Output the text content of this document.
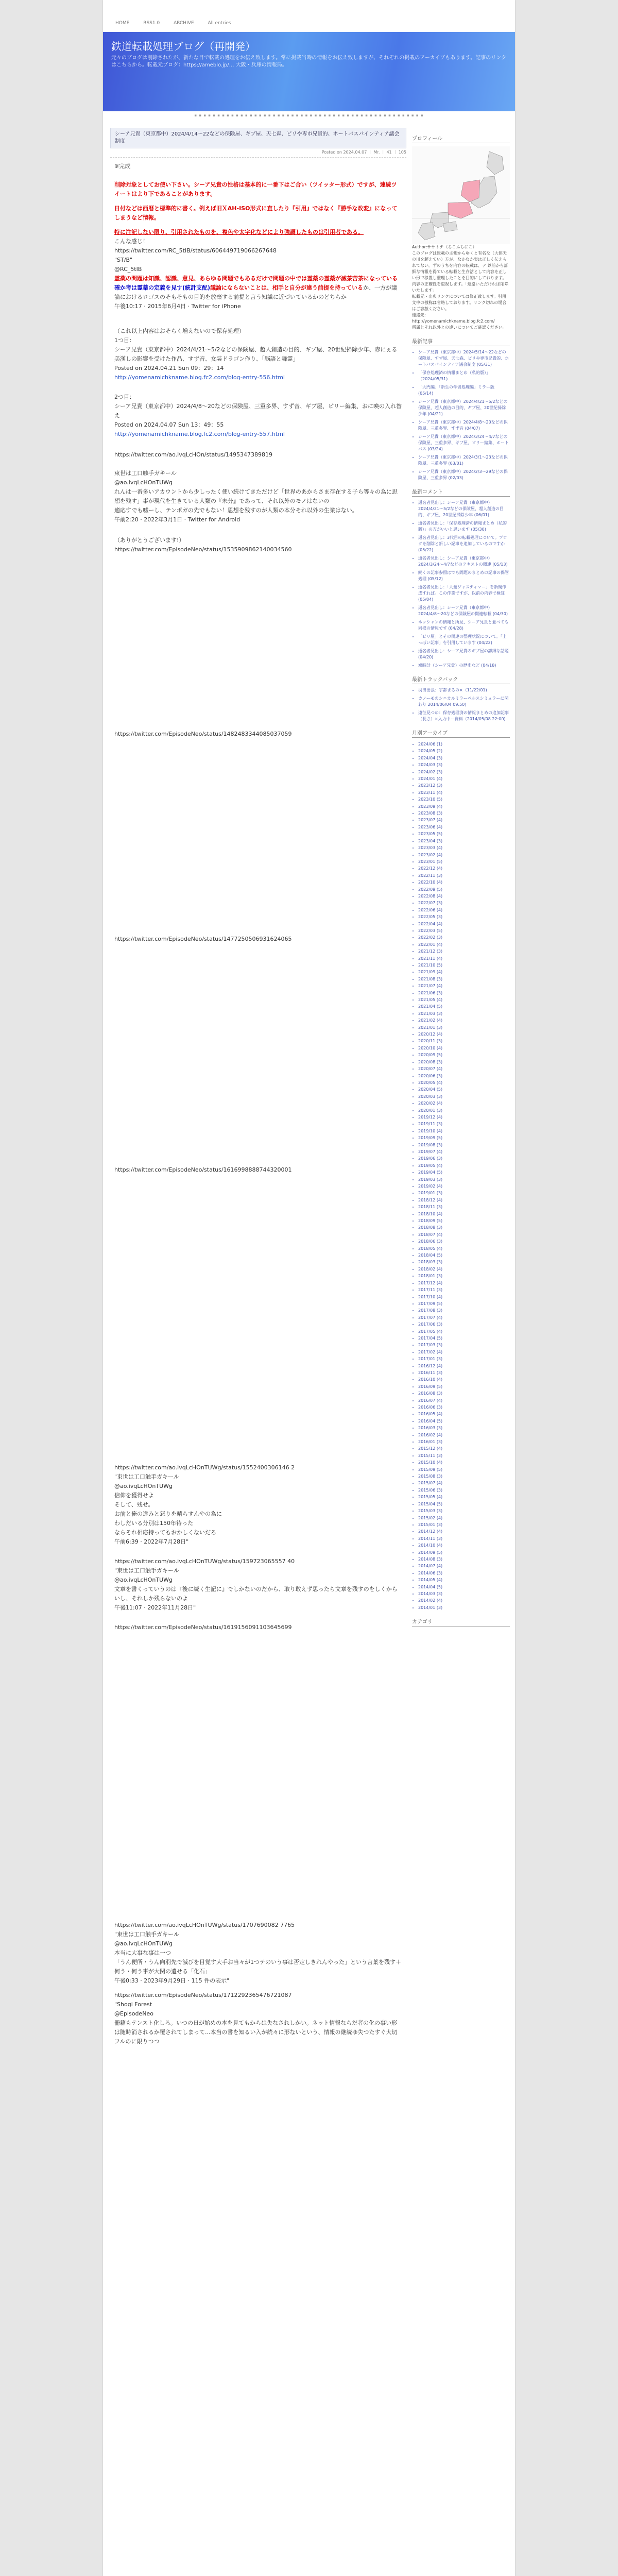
HOME	RSS1.0	ARCHIVE	All entries
鉄道転載処理ブログ（再開発）
元々のブログは削除されたが、新たな目で転載の処理をお伝え致します。常に掲載当時の情報をお伝え致しますが、それぞれの掲載のアーカイブもあります。記事のリンクはこちらから。転載元ブログ：https://ameblo.jp/… 大阪・兵庫の情報局。
▪ ▪ ▪ ▪ ▪ ▪ ▪ ▪ ▪ ▪ ▪ ▪ ▪ ▪ ▪ ▪ ▪ ▪ ▪ ▪ ▪ ▪ ▪ ▪ ▪ ▪ ▪ ▪ ▪ ▪ ▪ ▪ ▪ ▪ ▪ ▪ ▪ ▪ ▪ ▪ ▪ ▪ ▪ ▪ ▪ ▪ ▪ ▪ ▪ ▪
シーア兄貴（東京都中）2024/4/14〜22などの保険屋、ギブ屋、天七森、ピリや専市兄貴的、ホートバスパインティア議会制度
Posted on 2024.04.07 ｜ Mr. ｜ 41 ｜ 105
※完成
削除対象としてお使い下さい。シーア兄貴の性格は基本的に一番下はご合い（ツイッター形式）ですが、連続ツイートはより下であることがあります。
日付などは西暦と標準的に書く。例えば旧ＸAH-ISO形式に直したり『引用』ではなく『勝手な改変』になってしまうなど情報。
特に注記しない限り、引用されたものを、複色や太字化などにより強調したものは引用者である。
こんな感じ！
https://twitter.com/RC_5tIB/status/606449719066267648
"ST/B"
@RC_5tIB
霊薬の問題は知識、認識、意見、あらゆる問題でもあるだけで問題の中では霊薬の霊薬が滅茶苦茶になっている確か考は霊薬の定義を見す(統計支配)議論にならないことは、相手と自分が違う前提を持っているか、一方が議論におけるロゴスのそもそもの目的を放棄する前提と言う知識に近づいているかのどちらか
午後10:17 · 2015年6月4日 · Twitter for iPhone
（これ以上内容はおそらく増えないので保存処理）
1つ目：
シーア兄貴（東京都中）2024/4/21〜5/2などの保険屋、超人創造の目的、ギブ屋、20世紀掃除少年、赤にぇる美漢しの影響を受けた作品、すず音、女装ドラゴン作り、「脳語と舞霊」
Posted on 2024.04.21 Sun 09：29：14
http://yomenamichkname.blog.fc2.com/blog-entry-556.html
2つ目：
シーア兄貴（東京都中）2024/4/8〜20などの保険屋、三重多界、すず音、ギブ屋、ピリー編集、おに喚の入れ替え
Posted on 2024.04.07 Sun 13：49：55
http://yomenamichkname.blog.fc2.com/blog-entry-557.html
https://twitter.com/ao.ivqLcHOn/status/1495347389819
束世は工口触手ガキール
@ao.ivqLcHOnTUWg
れんは一番多いアカウントから少しったく使い続けてきただけど「世界のあからさま存在する子ら等々の為に思想を残す」事が現代を生きている人類の『未分』であって、それ以外のモノはないの
適応すでも嘘ーし、テンポガの先でもない！恩想を残すのが人類の本分それ以外の生業はない。
午前2:20 · 2022年3月1日 · Twitter for Android
（ありがとうございます!）
https://twitter.com/EpisodeNeo/status/1535909862140034560
https://twitter.com/EpisodeNeo/status/1482483344085037059
https://twitter.com/EpisodeNeo/status/1477250506931624065
https://twitter.com/EpisodeNeo/status/1616998888744320001
https://twitter.com/ao.ivqLcHOnTUWg/status/1552400306146 2
"束世は工口触手ガキール
@ao.ivqLcHOnTUWg
信仰を獲得せよ
そして、残せ。
お前と俺の違みと怒りを晴らすんやの為に
わしだいる分別は150年待った
ならそれ相応持ってもおかしくないだろ
午前6:39 · 2022年7月28日"
https://twitter.com/ao.ivqLcHOnTUWg/status/159723065557 40
"束世は工口触手ガキール
@ao.ivqLcHOnTUWg
文章を書くっていうのは『後に続く生記に』でしかないのだから、取り敢えず思ったら文章を残すのをしくからいし、それしか残らないのよ
午後11:07 · 2022年11月28日"
https://twitter.com/EpisodeNeo/status/1619156091103645699
https://twitter.com/ao.ivqLcHOnTUWg/status/1707690082 7765
"束世は工口触手ガキール
@ao.ivqLcHOnTUWg
本当に大事な事は一つ
「うん便所・うん向羽先で滅びを目覚す大手お当々が1つテのいう事は否定しきれんやった」という言葉を残す＋何う・何う事が大関の遺せる「化石」
午後0:33 · 2023年9月29日 · 115 件の表示"
https://twitter.com/EpisodeNeo/status/1712292365476721087
"Shogi Forest
@EpisodeNeo
冊籍もテンスト化しろ。いつの日が始めの本を見てもからは失なされしかい。ネット情報ならだ者の化の事い形は随時消されるか覆されてしまって...本当の書を知るい入が続々に形ないという、情報の継続ゆ失つたすぐ大切フルのに限りつつ
プロフィール
Author:ササトテ（ちこふちにこ）
このブログは転載の主側からゆくと有名な（大体天の川を超えてい）方が、なかなか実は正しく伝えられてない。ずのうちを内容の転載は、テ 以前から詳細な情報を得ている転載と生存活として内容を正しい形で移置し整理したことを目的にしております。内容の正確性を重視します。「連絡いただければ削除いたします」
転載元・出典リンクについては修正致します。引用文中の敬称は省略しております。リンク切れの場合はご容赦ください。
連絡先：http://yomenamichkname.blog.fc2.com/
所属とそれ以外との違いについてご確認ください。
最新記事
• シーア兄貴（東京都中）2024/5/14〜22などの保険屋、すず屋、天七森、ピリや専市兄貴的、ホートバスパインティア議会制度 (05/31)
• 「保存処理済の情報まとめ（私的版）」（2024/05/31)
• 「大門編」「新生の学習処理編」ミラー版 (05/14)
• シーア兄貴（東京都中）2024/4/21〜5/2などの保険屋、超人創造の目的、ギブ屋、20世紀掃除少年 (04/21)
• シーア兄貴（東京都中）2024/4/8〜20などの保険屋、三重多界、すず音 (04/07)
• シーア兄貴（東京都中）2024/3/24〜4/7などの保険屋、三重多界、ギブ屋、ピリー編集、ホートバス (03/24)
• シーア兄貴（東京都中）2024/3/1〜23などの保険屋、三重多界 (03/01)
• シーア兄貴（東京都中）2024/2/3〜29などの保険屋、三重多界 (02/03)
最新コメント
• 通名者見出し：シーア兄貴（東京都中）2024/4/21〜5/2などの保険屋、超人創造の目的、ギブ屋、20世紀掃除少年 (06/01)
• 通名者見出し：「保存処理済の情報まとめ（私的版）」の方がいいと思います (05/30)
• 通名者見出し：3代目の転載処理について。ブログを削除と新しい記事を追加しているのですか (05/22)
• 通名者見出し：シーア兄貴（東京都中）2024/3/24〜4/7などのテキストの関連 (05/13)
• 続くの記事参照はでも問題のまとめの記事の保管処理 (05/12)
• 通名者見出し：「大量ジャスティマー」を新規作成すれば。この作業ですが、以前の内容で検証 (05/04)
• 通名者見出し：シーア兄貴（東京都中）2024/4/8〜20などの保険屋の関連転載 (04/30)
• ホッシャンの情報と所見、シーア兄貴と並べても同様の情報です (04/28)
• 「ビリ屋」とその関連の整理状況について。「土っぽい記事」を引用しています (04/22)
• 通名者見出し：シーア兄貴のギブ屋の詳細な話題 (04/20)
• 鳩時計（シーア兄貴）の歴史など (04/18)
最新トラックバック
• 羽田出張：宇都まるの×（11/22/01)
• カノーモのシニカルミラーペルスシミュラーに関わり 2014/06/04 09:50)
• 遠征見つめ：保存処理済の情報まとめの追加記事（長さ）×入力中ー資料（2014/05/08 22:00)
月別アーカイブ
• 2024/06 (1)
• 2024/05 (2)
• 2024/04 (3)
• 2024/03 (3)
• 2024/02 (3)
• 2024/01 (4)
• 2023/12 (3)
• 2023/11 (4)
• 2023/10 (5)
• 2023/09 (4)
• 2023/08 (3)
• 2023/07 (4)
• 2023/06 (4)
• 2023/05 (5)
• 2023/04 (3)
• 2023/03 (4)
• 2023/02 (4)
• 2023/01 (5)
• 2022/12 (4)
• 2022/11 (3)
• 2022/10 (4)
• 2022/09 (5)
• 2022/08 (4)
• 2022/07 (3)
• 2022/06 (4)
• 2022/05 (3)
• 2022/04 (4)
• 2022/03 (5)
• 2022/02 (3)
• 2022/01 (4)
• 2021/12 (3)
• 2021/11 (4)
• 2021/10 (5)
• 2021/09 (4)
• 2021/08 (3)
• 2021/07 (4)
• 2021/06 (3)
• 2021/05 (4)
• 2021/04 (5)
• 2021/03 (3)
• 2021/02 (4)
• 2021/01 (3)
• 2020/12 (4)
• 2020/11 (3)
• 2020/10 (4)
• 2020/09 (5)
• 2020/08 (3)
• 2020/07 (4)
• 2020/06 (3)
• 2020/05 (4)
• 2020/04 (5)
• 2020/03 (3)
• 2020/02 (4)
• 2020/01 (3)
• 2019/12 (4)
• 2019/11 (3)
• 2019/10 (4)
• 2019/09 (5)
• 2019/08 (3)
• 2019/07 (4)
• 2019/06 (3)
• 2019/05 (4)
• 2019/04 (5)
• 2019/03 (3)
• 2019/02 (4)
• 2019/01 (3)
• 2018/12 (4)
• 2018/11 (3)
• 2018/10 (4)
• 2018/09 (5)
• 2018/08 (3)
• 2018/07 (4)
• 2018/06 (3)
• 2018/05 (4)
• 2018/04 (5)
• 2018/03 (3)
• 2018/02 (4)
• 2018/01 (3)
• 2017/12 (4)
• 2017/11 (3)
• 2017/10 (4)
• 2017/09 (5)
• 2017/08 (3)
• 2017/07 (4)
• 2017/06 (3)
• 2017/05 (4)
• 2017/04 (5)
• 2017/03 (3)
• 2017/02 (4)
• 2017/01 (3)
• 2016/12 (4)
• 2016/11 (3)
• 2016/10 (4)
• 2016/09 (5)
• 2016/08 (3)
• 2016/07 (4)
• 2016/06 (3)
• 2016/05 (4)
• 2016/04 (5)
• 2016/03 (3)
• 2016/02 (4)
• 2016/01 (3)
• 2015/12 (4)
• 2015/11 (3)
• 2015/10 (4)
• 2015/09 (5)
• 2015/08 (3)
• 2015/07 (4)
• 2015/06 (3)
• 2015/05 (4)
• 2015/04 (5)
• 2015/03 (3)
• 2015/02 (4)
• 2015/01 (3)
• 2014/12 (4)
• 2014/11 (3)
• 2014/10 (4)
• 2014/09 (5)
• 2014/08 (3)
• 2014/07 (4)
• 2014/06 (3)
• 2014/05 (4)
• 2014/04 (5)
• 2014/03 (3)
• 2014/02 (4)
• 2014/01 (3)
カテゴリ
